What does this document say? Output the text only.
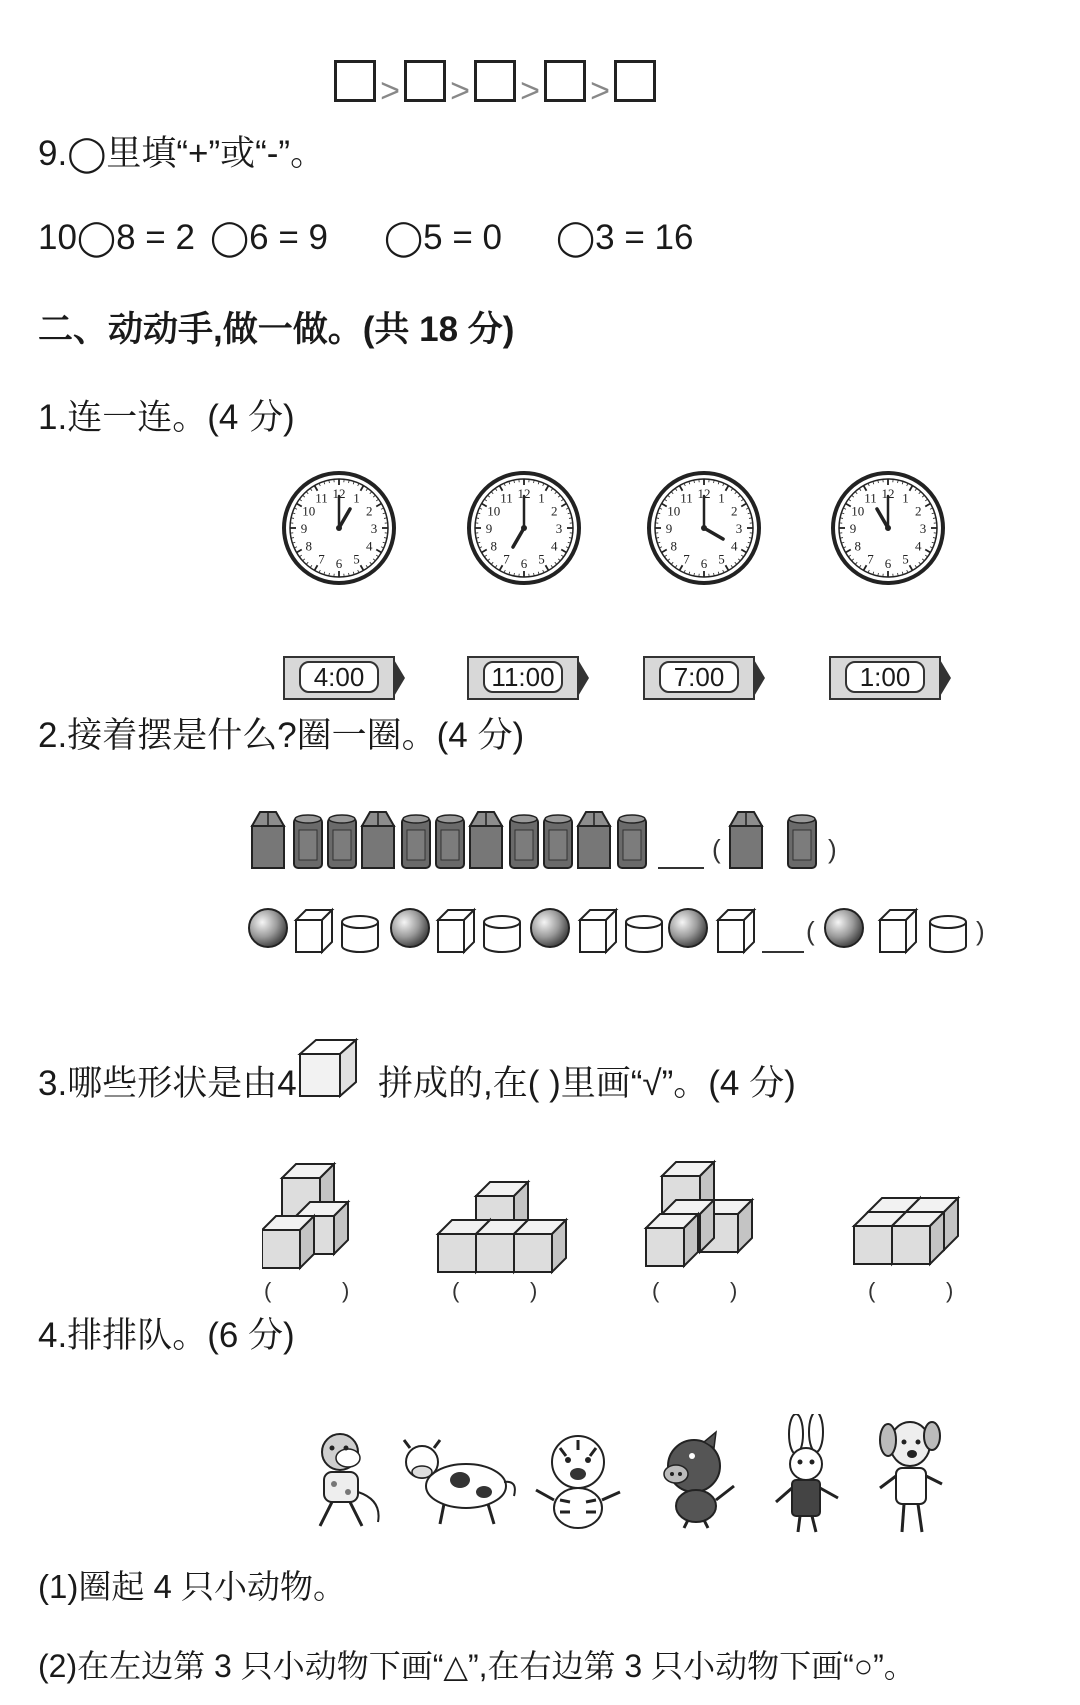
> > > >
9.◯里填“+”或“-”。
10◯8 = 2 ◯6 = 9 ◯5 = 0 ◯3 = 16
二、动动手,做一做。(共 18 分)
1.连一连。(4 分)
12 1
2
3
4
5
6
7
8
9
10
11	12 1
2
3
4
5
6
7
8
9
10
11	12 1
2
3
4
5
6
7
8
9
10
11	12 1
2
3
4
5
6
7
8
9
10
11
4:00	11:00	7:00	1:00
2.接着摆是什么?圈一圈。(4 分)
(	)
(	)
3.哪些形状是由4 拼成的,在( )里画“√”。(4 分)
(	)	(	)	(	)	(	)
4.排排队。(6 分)
(1)圈起 4 只小动物。
(2)在左边第 3 只小动物下画“△”,在右边第 3 只小动物下画“○”。
